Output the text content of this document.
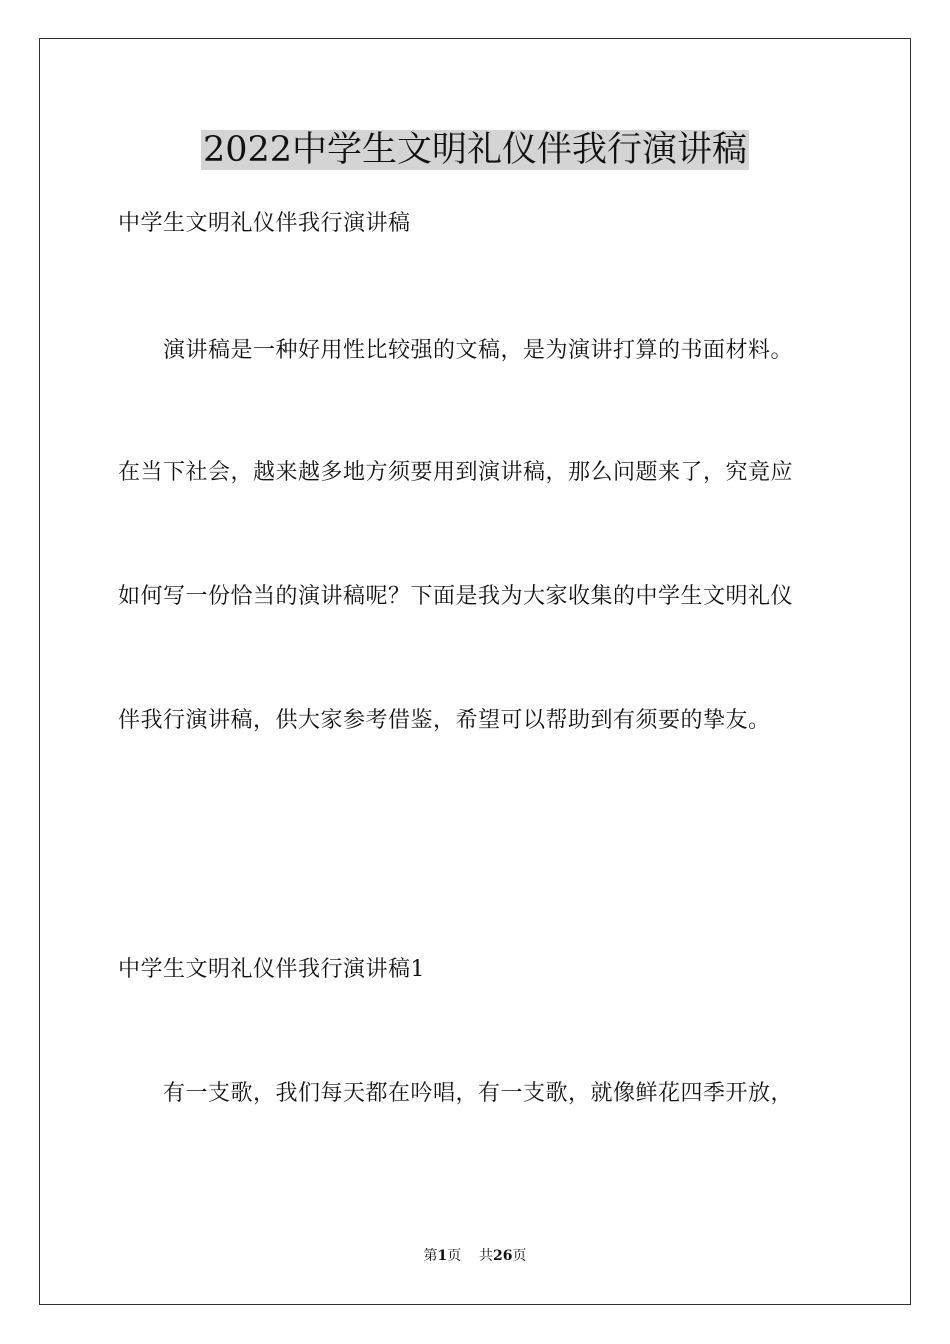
2022中学生文明礼仪伴我行演讲稿
中学生文明礼仪伴我行演讲稿
演讲稿是一种好用性比较强的文稿，是为演讲打算的书面材料。
在当下社会，越来越多地方须要用到演讲稿，那么问题来了，究竟应
如何写一份恰当的演讲稿呢？下面是我为大家收集的中学生文明礼仪
伴我行演讲稿，供大家参考借鉴，希望可以帮助到有须要的挚友。
中学生文明礼仪伴我行演讲稿1
有一支歌，我们每天都在吟唱，有一支歌，就像鲜花四季开放，
第1页 共26页
